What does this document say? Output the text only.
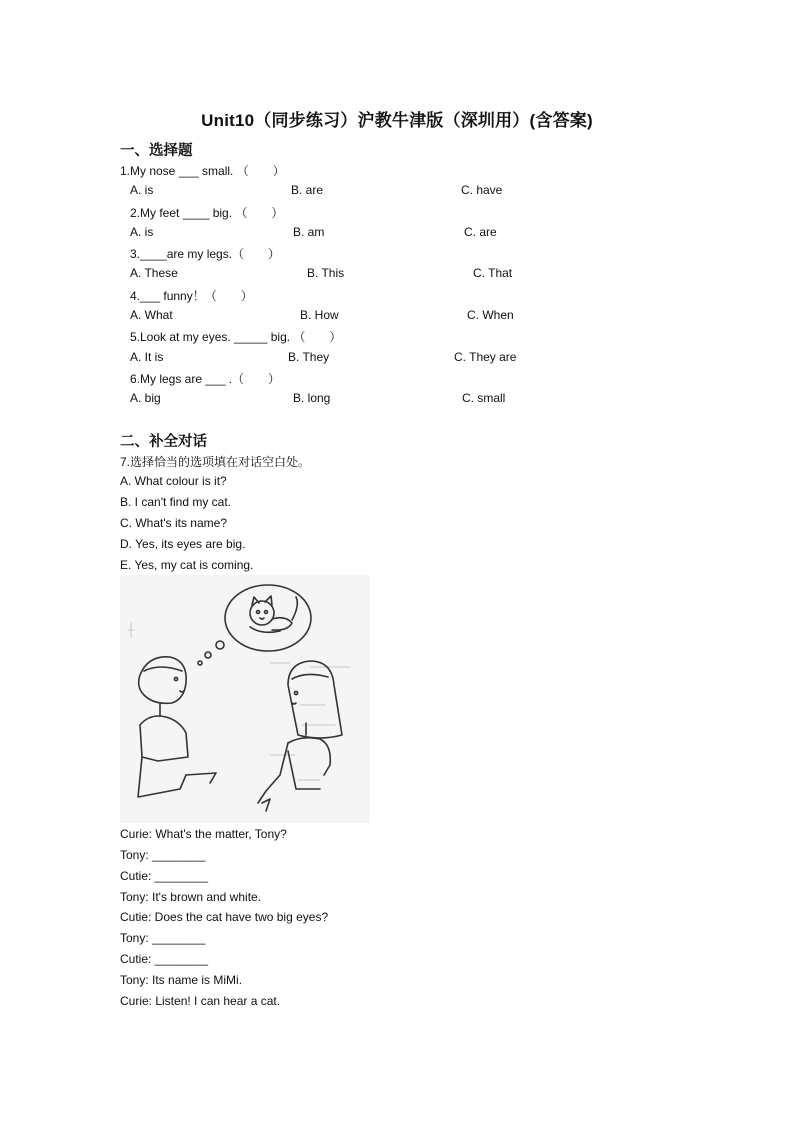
Unit10（同步练习）沪教牛津版（深圳用）(含答案)
一、选择题
1.My nose ___ small. （　　）
A. is	B. are	C. have
2.My feet ____ big. （　　）
A. is	B. am	C. are
3.____are my legs.（　　）
A. These	B. This	C. That
4.___ funny！（　　）
A. What	B. How	C. When
5.Look at my eyes. _____ big. （　　）
A. It is	B. They	C. They are
6.My legs are ___ .（　　）
A. big	B. long	C. small
二、补全对话
7.选择恰当的选项填在对话空白处。
A. What colour is it?
B. I can't find my cat.
C. What's its name?
D. Yes, its eyes are big.
E. Yes, my cat is coming.
Curie: What's the matter, Tony?
Tony: ________
Cutie: ________
Tony: It's brown and white.
Cutie: Does the cat have two big eyes?
Tony: ________
Cutie: ________
Tony: Its name is MiMi.
Curie: Listen! I can hear a cat.
